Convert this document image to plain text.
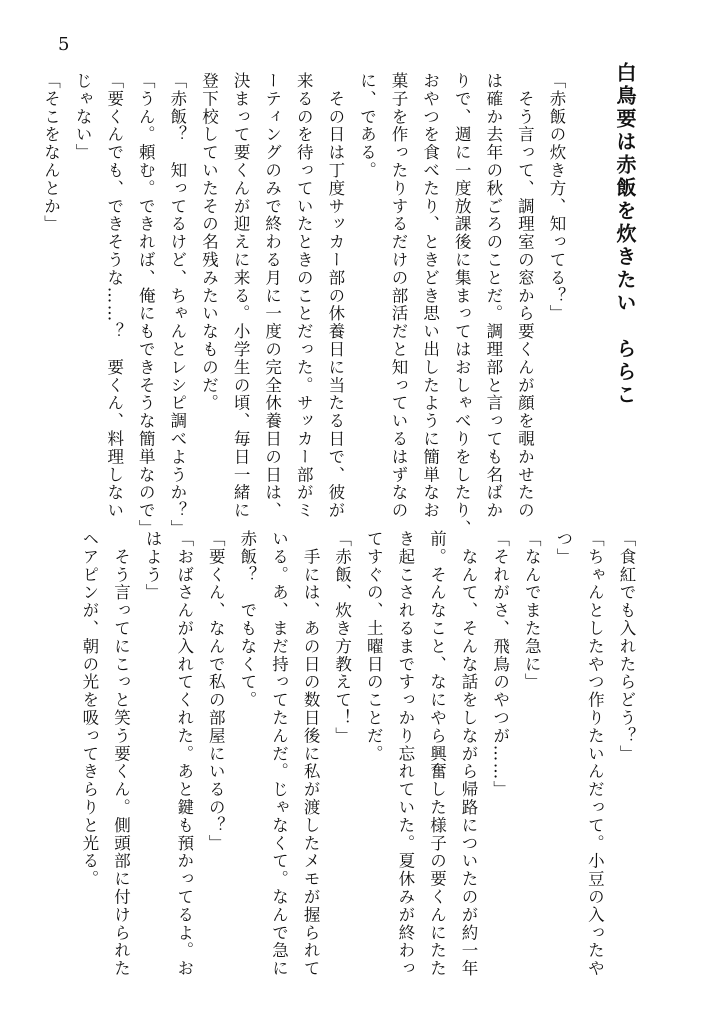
5
白鳥要は赤飯を炊きたい　ららこ
「赤飯の炊き方、知ってる？」
　そう言って、調理室の窓から要くんが顔を覗かせたの
は確か去年の秋ごろのことだ。調理部と言っても名ばか
りで、週に一度放課後に集まってはおしゃべりをしたり、
おやつを食べたり、ときどき思い出したように簡単なお
菓子を作ったりするだけの部活だと知っているはずなの
に、である。
　その日は丁度サッカー部の休養日に当たる日で、彼が
来るのを待っていたときのことだった。サッカー部がミ
ーティングのみで終わる月に一度の完全休養日の日は、
決まって要くんが迎えに来る。小学生の頃、毎日一緒に
登下校していたその名残みたいなものだ。
「赤飯？　知ってるけど、ちゃんとレシピ調べようか？」
「うん。頼む。できれば、俺にもできそうな簡単なので」
「要くんでも、できそうな……？　要くん、料理しない
じゃない」
「そこをなんとか」
「食紅でも入れたらどう？」
「ちゃんとしたやつ作りたいんだって。小豆の入ったや
つ」
「なんでまた急に」
「それがさ、飛鳥のやつが……」
　なんて、そんな話をしながら帰路についたのが約一年
前。そんなこと、なにやら興奮した様子の要くんにたた
き起こされるまですっかり忘れていた。夏休みが終わっ
てすぐの、土曜日のことだ。
「赤飯、炊き方教えて！」
　手には、あの日の数日後に私が渡したメモが握られて
いる。あ、まだ持ってたんだ。じゃなくて。なんで急に
赤飯？　でもなくて。
「要くん、なんで私の部屋にいるの？」
「おばさんが入れてくれた。あと鍵も預かってるよ。お
はよう」
　そう言ってにこっと笑う要くん。側頭部に付けられた
ヘアピンが、朝の光を吸ってきらりと光る。
